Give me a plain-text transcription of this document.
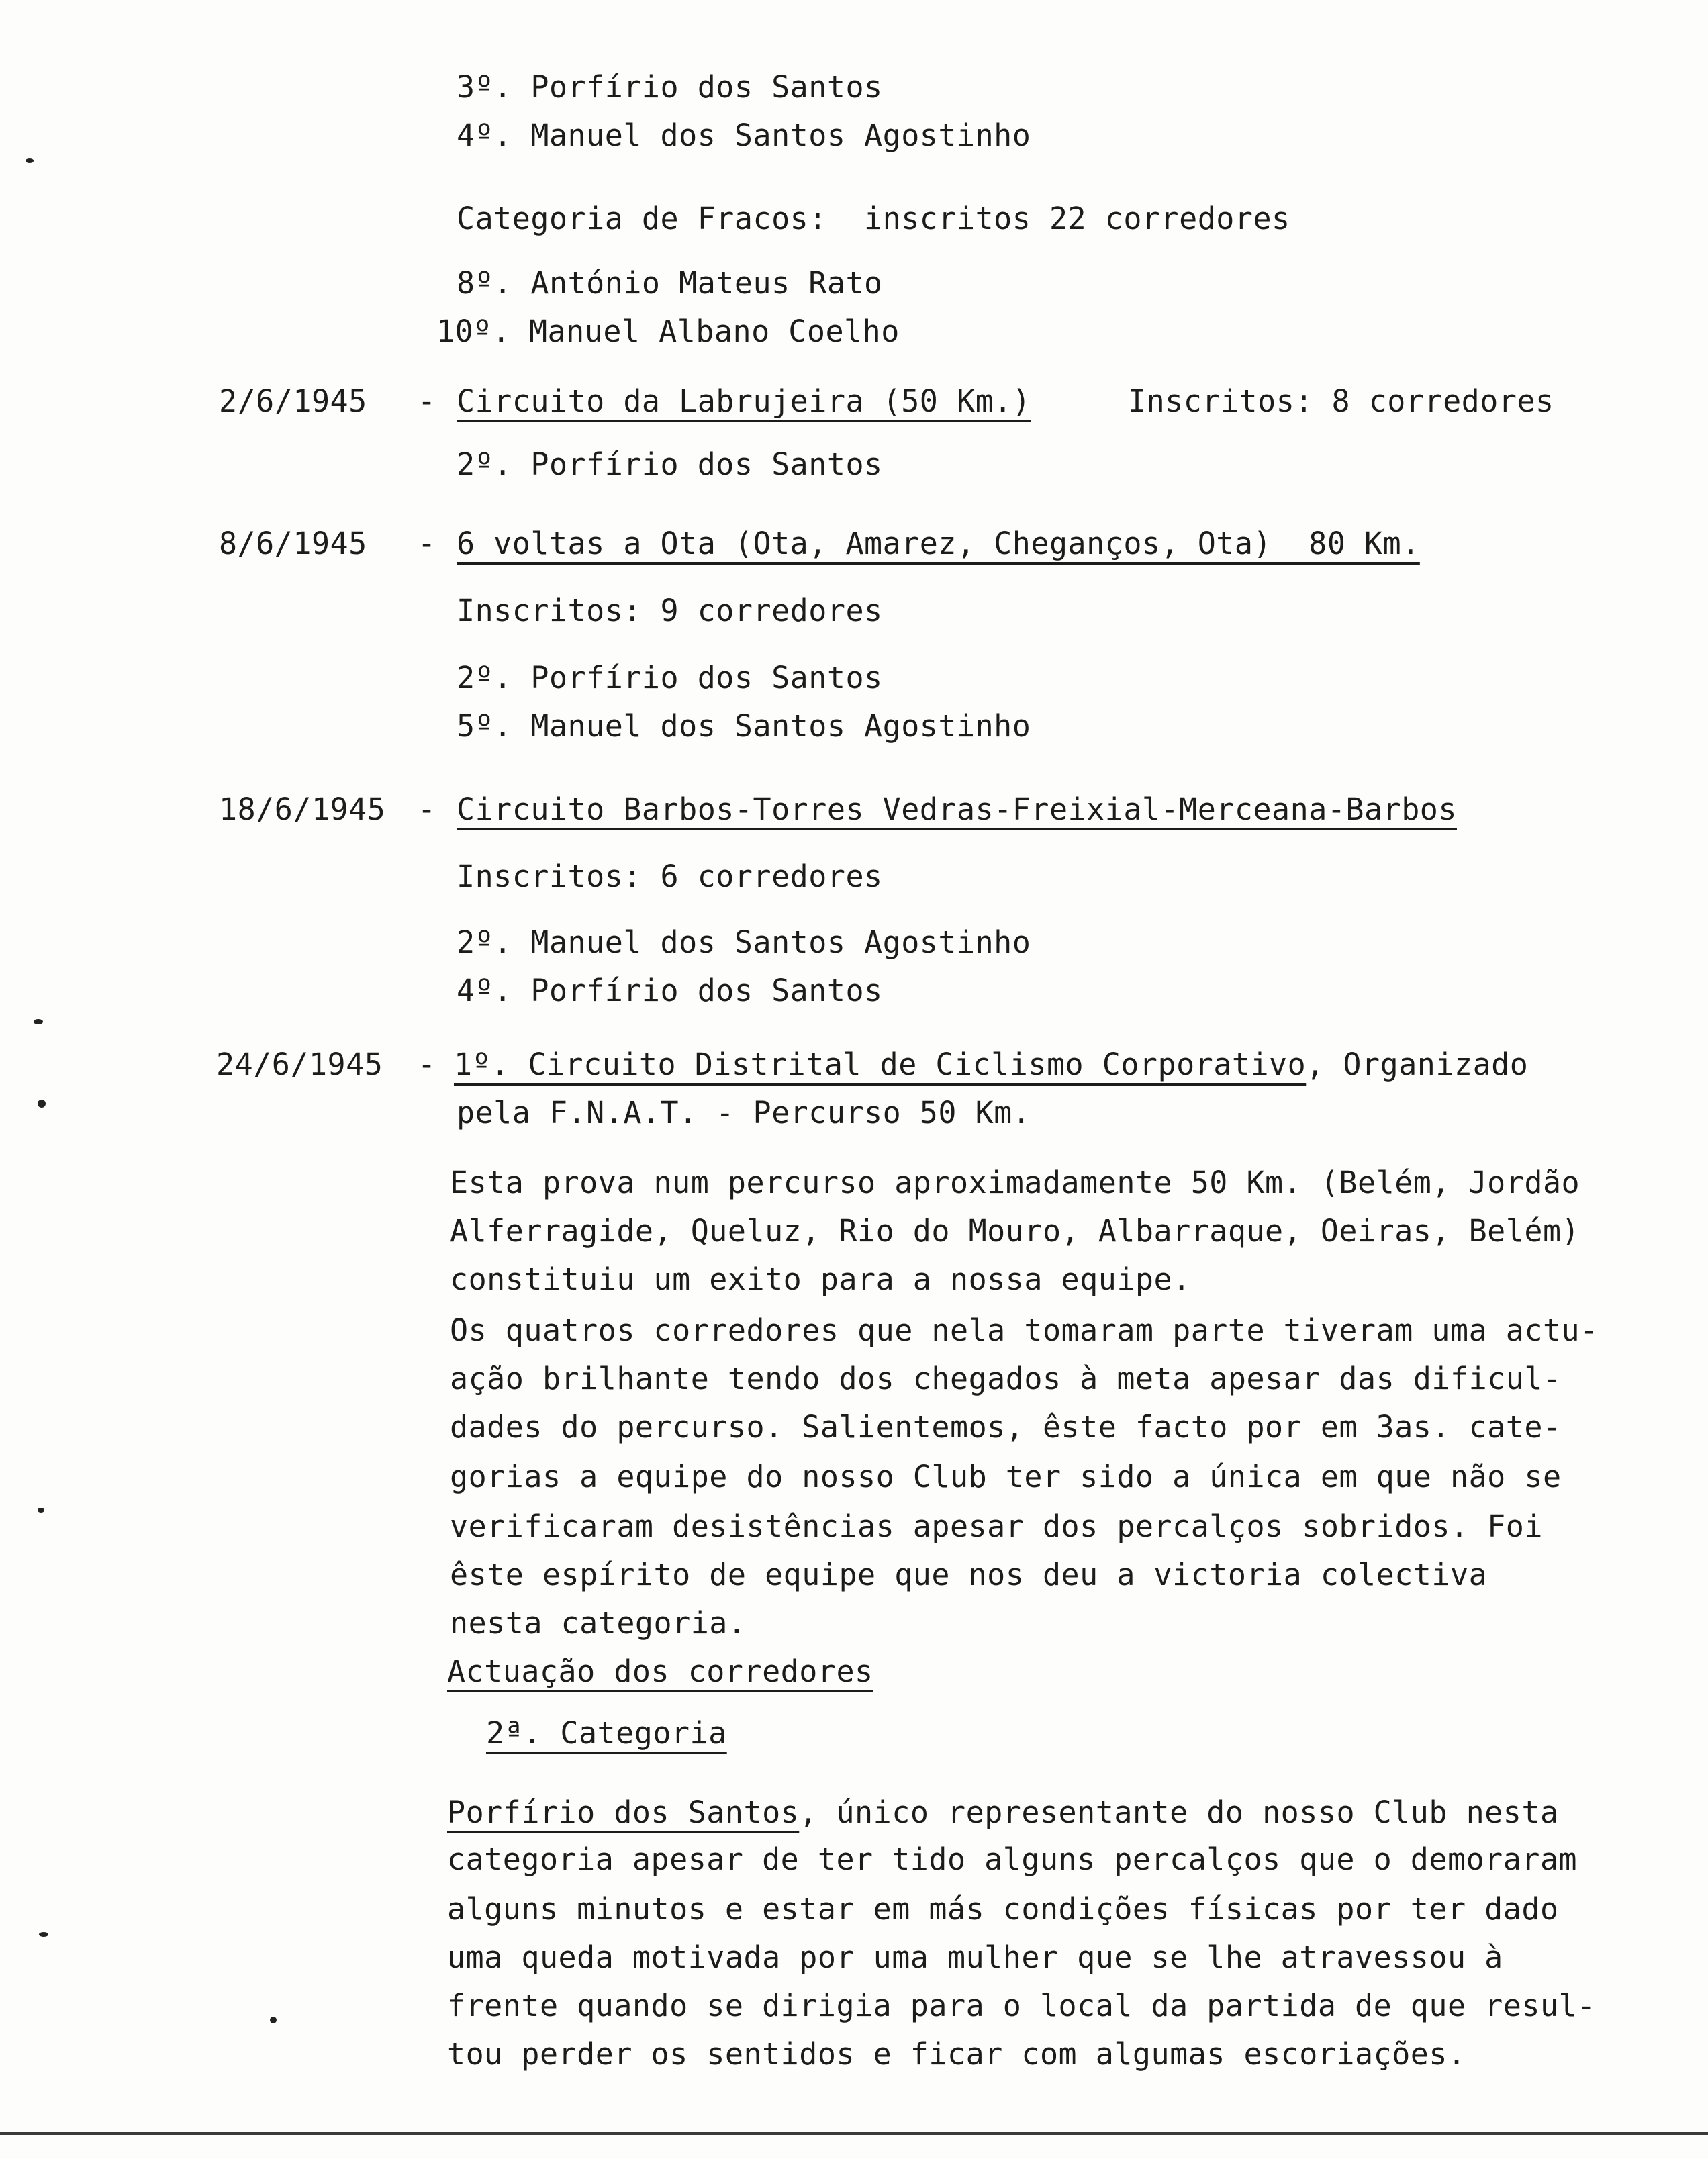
3º. Porfírio dos Santos
4º. Manuel dos Santos Agostinho
Categoria de Fracos:  inscritos 22 corredores
8º. António Mateus Rato
10º. Manuel Albano Coelho
2/6/1945 - Circuito da Labrujeira (50 Km.)	Inscritos: 8 corredores
2º. Porfírio dos Santos
8/6/1945 - 6 voltas a Ota (Ota, Amarez, Cheganços, Ota)  80 Km.
Inscritos: 9 corredores
2º. Porfírio dos Santos
5º. Manuel dos Santos Agostinho
18/6/1945 - Circuito Barbos-Torres Vedras-Freixial-Merceana-Barbos
Inscritos: 6 corredores
2º. Manuel dos Santos Agostinho
4º. Porfírio dos Santos
24/6/1945 - 1º. Circuito Distrital de Ciclismo Corporativo, Organizado
pela F.N.A.T. - Percurso 50 Km.
Esta prova num percurso aproximadamente 50 Km. (Belém, Jordão
Alferragide, Queluz, Rio do Mouro, Albarraque, Oeiras, Belém)
constituiu um exito para a nossa equipe.
Os quatros corredores que nela tomaram parte tiveram uma actu-
ação brilhante tendo dos chegados à meta apesar das dificul-
dades do percurso. Salientemos, êste facto por em 3as. cate-
gorias a equipe do nosso Club ter sido a única em que não se
verificaram desistências apesar dos percalços sobridos. Foi
êste espírito de equipe que nos deu a victoria colectiva
nesta categoria.
Actuação dos corredores
2ª. Categoria
Porfírio dos Santos, único representante do nosso Club nesta
categoria apesar de ter tido alguns percalços que o demoraram
alguns minutos e estar em más condições físicas por ter dado
uma queda motivada por uma mulher que se lhe atravessou à
frente quando se dirigia para o local da partida de que resul-
tou perder os sentidos e ficar com algumas escoriações.
